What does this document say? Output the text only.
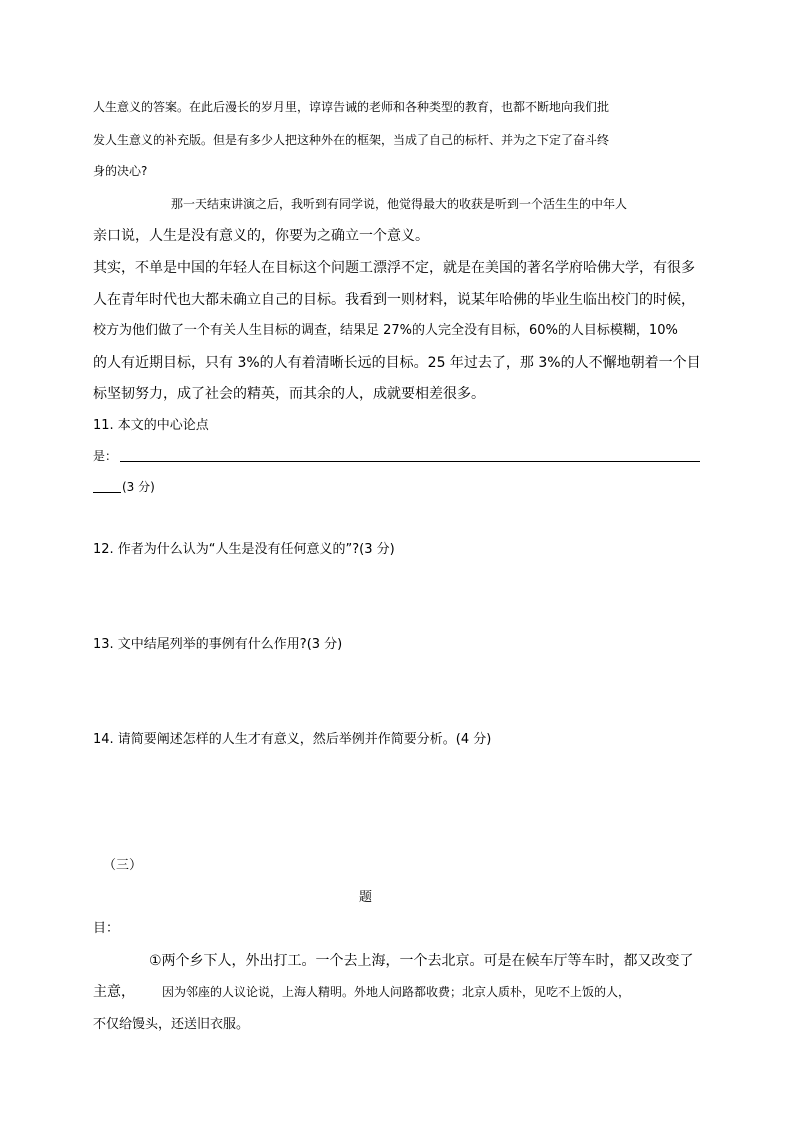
人生意义的答案。在此后漫长的岁月里，谆谆告诫的老师和各种类型的教育，也都不断地向我们批
发人生意义的补充版。但是有多少人把这种外在的框架，当成了自己的标杆、并为之下定了奋斗终
身的决心?
那一天结束讲演之后，我听到有同学说，他觉得最大的收获是听到一个活生生的中年人
亲口说，人生是没有意义的，你要为之确立一个意义。
其实，不单是中国的年轻人在目标这个问题工漂浮不定，就是在美国的著名学府哈佛大学，有很多
人在青年时代也大都未确立自己的目标。我看到一则材料，说某年哈佛的毕业生临出校门的时候，
校方为他们做了一个有关人生目标的调查，结果足 27%的人完全没有目标，60%的人目标模糊，10%
的人有近期目标，只有 3%的人有着清晰长远的目标。25 年过去了，那 3%的人不懈地朝着一个目
标坚韧努力，成了社会的精英，而其余的人，成就要相差很多。
11. 本文的中心论点
是：
(3 分)
12. 作者为什么认为“人生是没有任何意义的”?(3 分)
13. 文中结尾列举的事例有什么作用?(3 分)
14. 请简要阐述怎样的人生才有意义，然后举例并作简要分析。(4 分)
（三）
题
目：
①两个乡下人，外出打工。一个去上海，一个去北京。可是在候车厅等车时，都又改变了
主意， 因为邻座的人议论说，上海人精明。外地人问路都收费；北京人质朴，见吃不上饭的人，
不仅给馒头，还送旧衣服。
